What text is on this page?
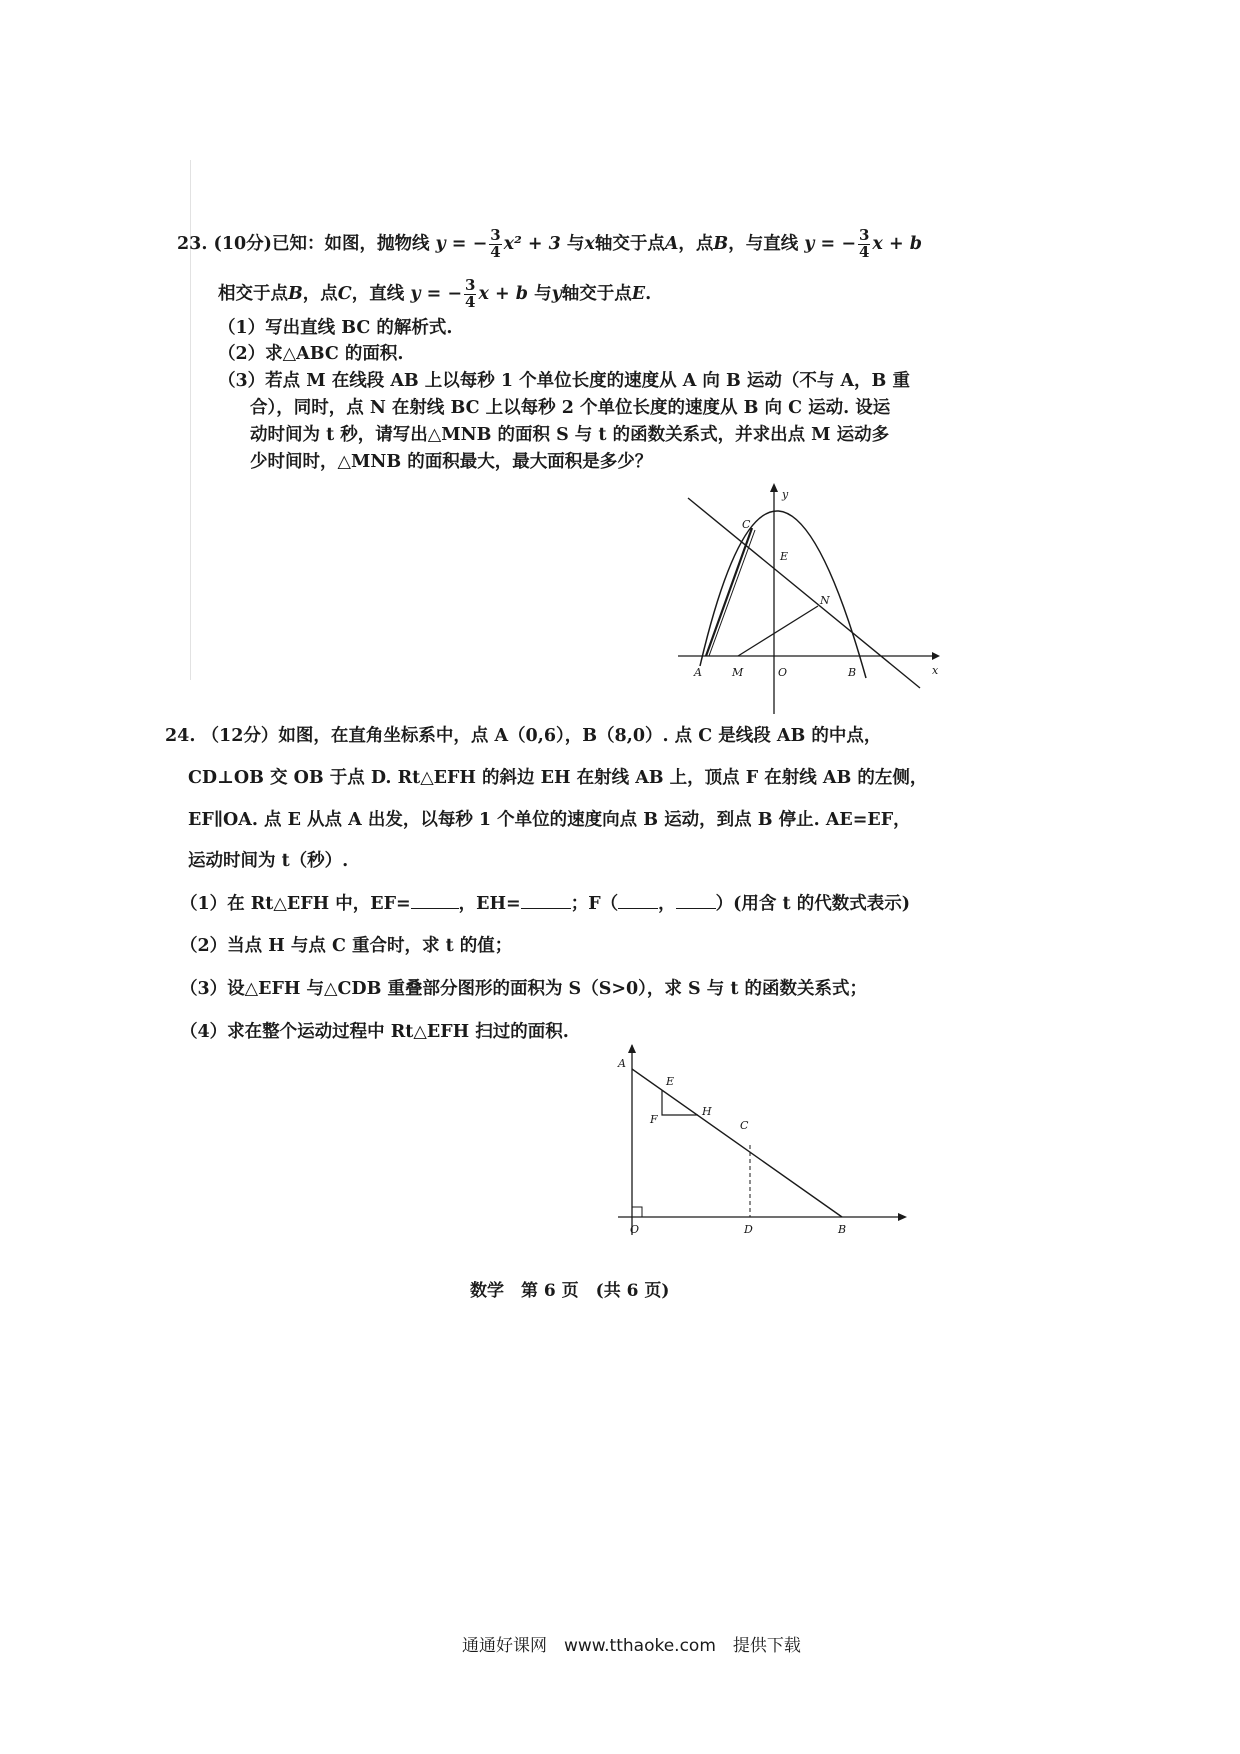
23. (10分)已知：如图，抛物线 y = − $\frac{3}{4} x^2 + 3$ 与x轴交于点A，点B，与直线 y = − $\frac{3}{4}$ x + b
相交于点B，点C，直线 y = − $\frac{3}{4}$ x + b 与y轴交于点E.
（1）写出直线 BC 的解析式.
（2）求△ABC 的面积.
（3）若点 M 在线段 AB 上以每秒 1 个单位长度的速度从 A 向 B 运动（不与 A，B 重
合），同时，点 N 在射线 BC 上以每秒 2 个单位长度的速度从 B 向 C 运动. 设运
动时间为 t 秒，请写出△MNB 的面积 S 与 t 的函数关系式，并求出点 M 运动多
少时间时，△MNB 的面积最大，最大面积是多少？
y
x
C
E
N
A	M	O	B
24. （12分）如图，在直角坐标系中，点 A（0,6），B（8,0）. 点 C 是线段 AB 的中点，
CD⊥OB 交 OB 于点 D. Rt△EFH 的斜边 EH 在射线 AB 上，顶点 F 在射线 AB 的左侧，
EF∥OA. 点 E 从点 A 出发，以每秒 1 个单位的速度向点 B 运动，到点 B 停止. AE=EF，
运动时间为 t（秒）.
（1）在 Rt△EFH 中，EF=	，EH=	；F（ ， ）(用含 t 的代数式表示)
（2）当点 H 与点 C 重合时，求 t 的值；
（3）设△EFH 与△CDB 重叠部分图形的面积为 S（S>0），求 S 与 t 的函数关系式；
（4）求在整个运动过程中 Rt△EFH 扫过的面积.
A
E
F
H
C
O	D	B
数学　第 6 页　(共 6 页)
通通好课网　www.tthaoke.com　提供下载
